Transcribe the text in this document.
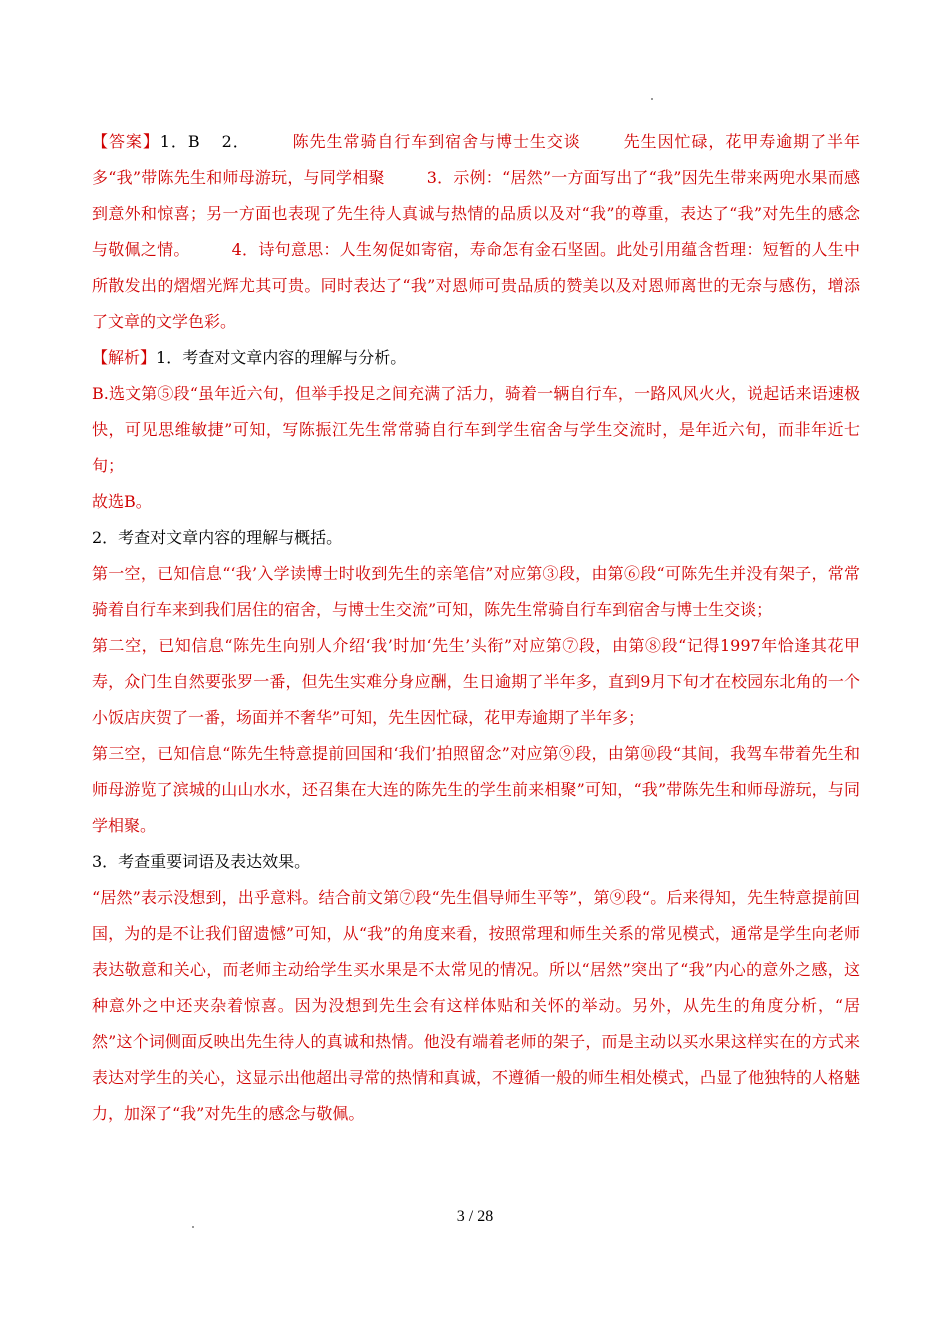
【答案】1．B 2．	陈先生常骑自行车到宿舍与博士生交谈	先生因忙碌，花甲寿逾期了半年多“我”带陈先生和师母游玩，与同学相聚	3．示例：“居然”一方面写出了“我”因先生带来两兜水果而感到意外和惊喜；另一方面也表现了先生待人真诚与热情的品质以及对“我”的尊重，表达了“我”对先生的感念与敬佩之情。	4．诗句意思：人生匆促如寄宿，寿命怎有金石坚固。此处引用蕴含哲理：短暂的人生中所散发出的熠熠光辉尤其可贵。同时表达了“我”对恩师可贵品质的赞美以及对恩师离世的无奈与感伤，增添了文章的文学色彩。

【解析】1．考查对文章内容的理解与分析。

B.选文第⑤段“虽年近六旬，但举手投足之间充满了活力，骑着一辆自行车，一路风风火火，说起话来语速极快，可见思维敏捷”可知，写陈振江先生常常骑自行车到学生宿舍与学生交流时，是年近六旬，而非年近七旬；

故选B。

2．考查对文章内容的理解与概括。

第一空，已知信息“‘我’入学读博士时收到先生的亲笔信”对应第③段，由第⑥段“可陈先生并没有架子，常常骑着自行车来到我们居住的宿舍，与博士生交流”可知，陈先生常骑自行车到宿舍与博士生交谈；

第二空，已知信息“陈先生向别人介绍‘我’时加‘先生’头衔”对应第⑦段，由第⑧段“记得1997年恰逢其花甲寿，众门生自然要张罗一番，但先生实难分身应酬，生日逾期了半年多，直到9月下旬才在校园东北角的一个小饭店庆贺了一番，场面并不奢华”可知，先生因忙碌，花甲寿逾期了半年多；

第三空，已知信息“陈先生特意提前回国和‘我们’拍照留念”对应第⑨段，由第⑩段“其间，我驾车带着先生和师母游览了滨城的山山水水，还召集在大连的陈先生的学生前来相聚”可知，“我”带陈先生和师母游玩，与同学相聚。

3．考查重要词语及表达效果。

“居然”表示没想到，出乎意料。结合前文第⑦段“先生倡导师生平等”，第⑨段“。后来得知，先生特意提前回国，为的是不让我们留遗憾”可知，从“我”的角度来看，按照常理和师生关系的常见模式，通常是学生向老师表达敬意和关心，而老师主动给学生买水果是不太常见的情况。所以“居然”突出了“我”内心的意外之感，这种意外之中还夹杂着惊喜。因为没想到先生会有这样体贴和关怀的举动。另外，从先生的角度分析，“居然”这个词侧面反映出先生待人的真诚和热情。他没有端着老师的架子，而是主动以买水果这样实在的方式来表达对学生的关心，这显示出他超出寻常的热情和真诚，不遵循一般的师生相处模式，凸显了他独特的人格魅力，加深了“我”对先生的感念与敬佩。

3 / 28
